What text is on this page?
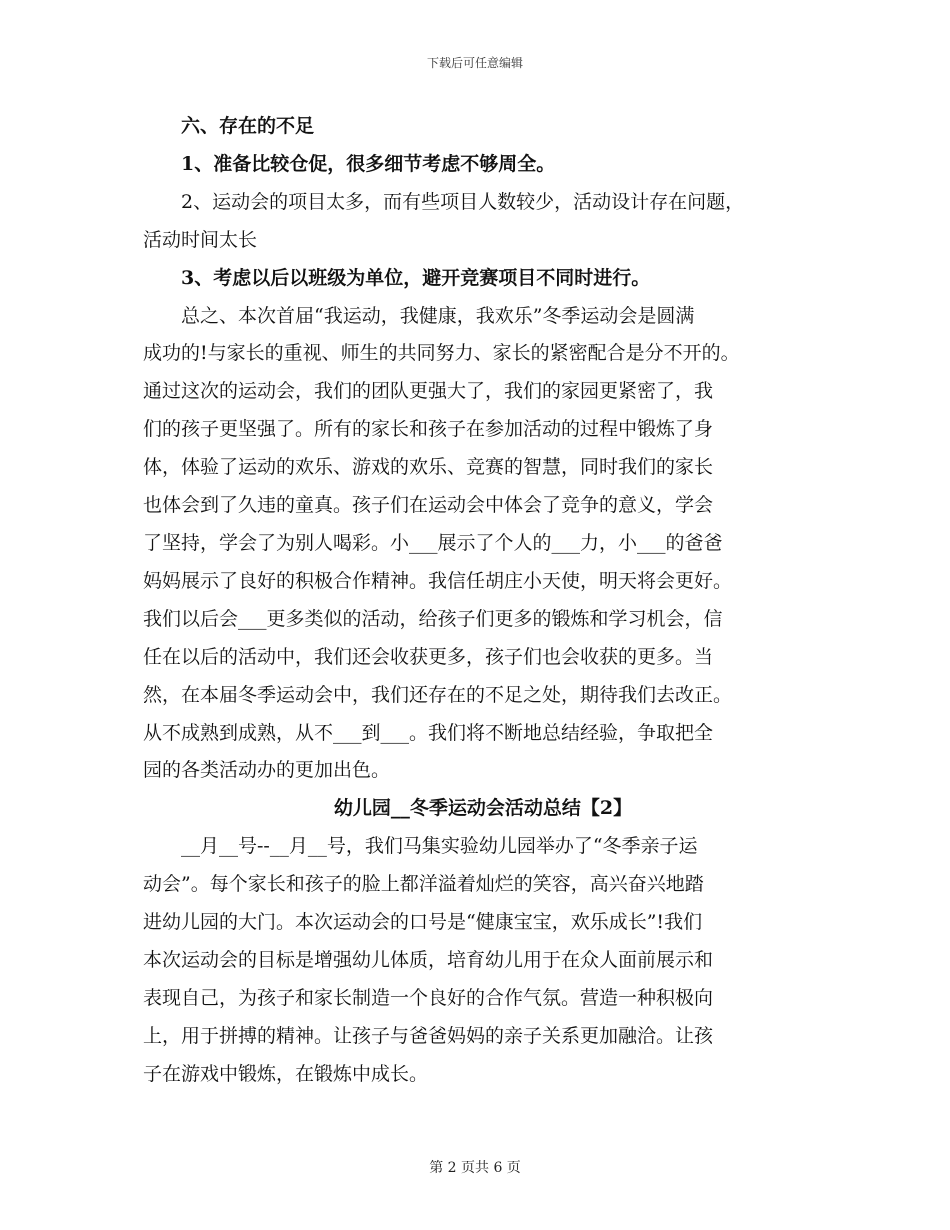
下载后可任意编辑

六、存在的不足

1、准备比较仓促，很多细节考虑不够周全。

2、运动会的项目太多，而有些项目人数较少，活动设计存在问题，
活动时间太长

3、考虑以后以班级为单位，避开竞赛项目不同时进行。

总之、本次首届“我运动，我健康，我欢乐”冬季运动会是圆满
成功的!与家长的重视、师生的共同努力、家长的紧密配合是分不开的。
通过这次的运动会，我们的团队更强大了，我们的家园更紧密了，我
们的孩子更坚强了。所有的家长和孩子在参加活动的过程中锻炼了身
体，体验了运动的欢乐、游戏的欢乐、竞赛的智慧，同时我们的家长
也体会到了久违的童真。孩子们在运动会中体会了竞争的意义，学会
了坚持，学会了为别人喝彩。小___展示了个人的___力，小___的爸爸
妈妈展示了良好的积极合作精神。我信任胡庄小天使，明天将会更好。
我们以后会___更多类似的活动，给孩子们更多的锻炼和学习机会，信
任在以后的活动中，我们还会收获更多，孩子们也会收获的更多。当
然，在本届冬季运动会中，我们还存在的不足之处，期待我们去改正。
从不成熟到成熟，从不___到___。我们将不断地总结经验，争取把全
园的各类活动办的更加出色。

幼儿园__冬季运动会活动总结【2】

__月__号--__月__号，我们马集实验幼儿园举办了“冬季亲子运
动会”。每个家长和孩子的脸上都洋溢着灿烂的笑容，高兴奋兴地踏
进幼儿园的大门。本次运动会的口号是“健康宝宝，欢乐成长”!我们
本次运动会的目标是增强幼儿体质，培育幼儿用于在众人面前展示和
表现自己，为孩子和家长制造一个良好的合作气氛。营造一种积极向
上，用于拼搏的精神。让孩子与爸爸妈妈的亲子关系更加融洽。让孩
子在游戏中锻炼，在锻炼中成长。
第 2 页共 6 页
